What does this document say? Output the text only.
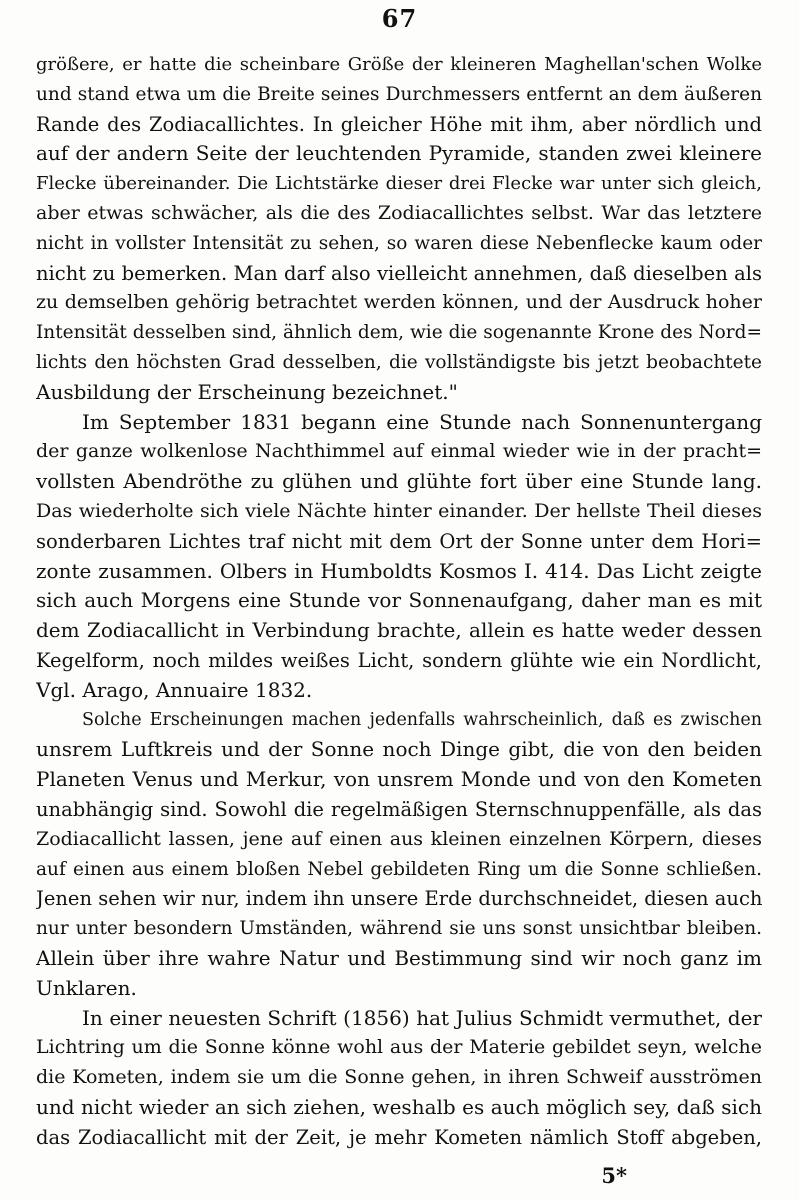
67
größere, er hatte die scheinbare Größe der kleineren Maghellan'schen Wolke
und stand etwa um die Breite seines Durchmessers entfernt an dem äußeren
Rande des Zodiacallichtes. In gleicher Höhe mit ihm, aber nördlich und
auf der andern Seite der leuchtenden Pyramide, standen zwei kleinere
Flecke übereinander. Die Lichtstärke dieser drei Flecke war unter sich gleich,
aber etwas schwächer, als die des Zodiacallichtes selbst. War das letztere
nicht in vollster Intensität zu sehen, so waren diese Nebenflecke kaum oder
nicht zu bemerken. Man darf also vielleicht annehmen, daß dieselben als
zu demselben gehörig betrachtet werden können, und der Ausdruck hoher
Intensität desselben sind, ähnlich dem, wie die sogenannte Krone des Nord=
lichts den höchsten Grad desselben, die vollständigste bis jetzt beobachtete
Ausbildung der Erscheinung bezeichnet."
Im September 1831 begann eine Stunde nach Sonnenuntergang
der ganze wolkenlose Nachthimmel auf einmal wieder wie in der pracht=
vollsten Abendröthe zu glühen und glühte fort über eine Stunde lang.
Das wiederholte sich viele Nächte hinter einander. Der hellste Theil dieses
sonderbaren Lichtes traf nicht mit dem Ort der Sonne unter dem Hori=
zonte zusammen. Olbers in Humboldts Kosmos I. 414. Das Licht zeigte
sich auch Morgens eine Stunde vor Sonnenaufgang, daher man es mit
dem Zodiacallicht in Verbindung brachte, allein es hatte weder dessen
Kegelform, noch mildes weißes Licht, sondern glühte wie ein Nordlicht,
Vgl. Arago, Annuaire 1832.
Solche Erscheinungen machen jedenfalls wahrscheinlich, daß es zwischen
unsrem Luftkreis und der Sonne noch Dinge gibt, die von den beiden
Planeten Venus und Merkur, von unsrem Monde und von den Kometen
unabhängig sind. Sowohl die regelmäßigen Sternschnuppenfälle, als das
Zodiacallicht lassen, jene auf einen aus kleinen einzelnen Körpern, dieses
auf einen aus einem bloßen Nebel gebildeten Ring um die Sonne schließen.
Jenen sehen wir nur, indem ihn unsere Erde durchschneidet, diesen auch
nur unter besondern Umständen, während sie uns sonst unsichtbar bleiben.
Allein über ihre wahre Natur und Bestimmung sind wir noch ganz im
Unklaren.
In einer neuesten Schrift (1856) hat Julius Schmidt vermuthet, der
Lichtring um die Sonne könne wohl aus der Materie gebildet seyn, welche
die Kometen, indem sie um die Sonne gehen, in ihren Schweif ausströmen
und nicht wieder an sich ziehen, weshalb es auch möglich sey, daß sich
das Zodiacallicht mit der Zeit, je mehr Kometen nämlich Stoff abgeben,
5*
